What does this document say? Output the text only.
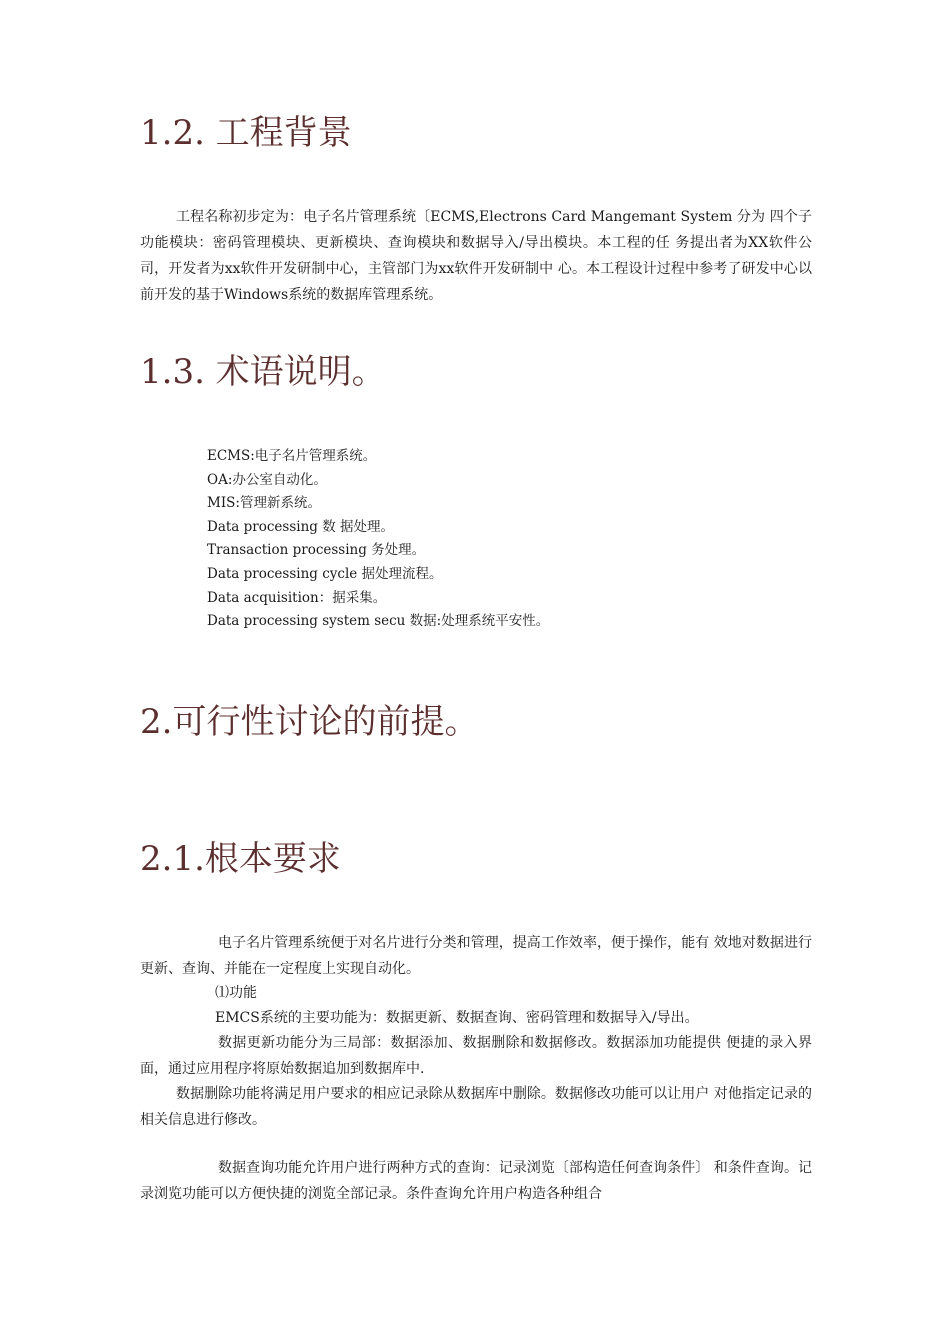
1.2. 工程背景

工程名称初步定为：电子名片管理系统〔ECMS,Electrons Card Mangemant System 分为 四个子功能模块：密码管理模块、更新模块、查询模块和数据导入/导出模块。本工程的任 务提出者为XX软件公司，开发者为xx软件开发研制中心，主管部门为xx软件开发研制中 心。本工程设计过程中参考了研发中心以前开发的基于Windows系统的数据库管理系统。

1.3. 术语说明。
ECMS:电子名片管理系统。
OA:办公室自动化。
MIS:管理新系统。
Data processing 数 据处理。
Transaction processing 务处理。
Data processing cycle 据处理流程。
Data acquisition：据采集。
Data processing system secu 数据:处理系统平安性。
2.可行性讨论的前提。
2.1.根本要求

电子名片管理系统便于对名片进行分类和管理，提高工作效率，便于操作，能有 效地对数据进行更新、查询、并能在一定程度上实现自动化。

⑴功能

EMCS系统的主要功能为：数据更新、数据查询、密码管理和数据导入/导出。

数据更新功能分为三局部：数据添加、数据删除和数据修改。数据添加功能提供 便捷的录入界面，通过应用程序将原始数据追加到数据库中.

数据删除功能将满足用户要求的相应记录除从数据库中删除。数据修改功能可以让用户 对他指定记录的相关信息进行修改。

数据查询功能允许用户进行两种方式的查询：记录浏览〔部构造任何查询条件〕 和条件查询。记录浏览功能可以方便快捷的浏览全部记录。条件查询允许用户构造各种组合
